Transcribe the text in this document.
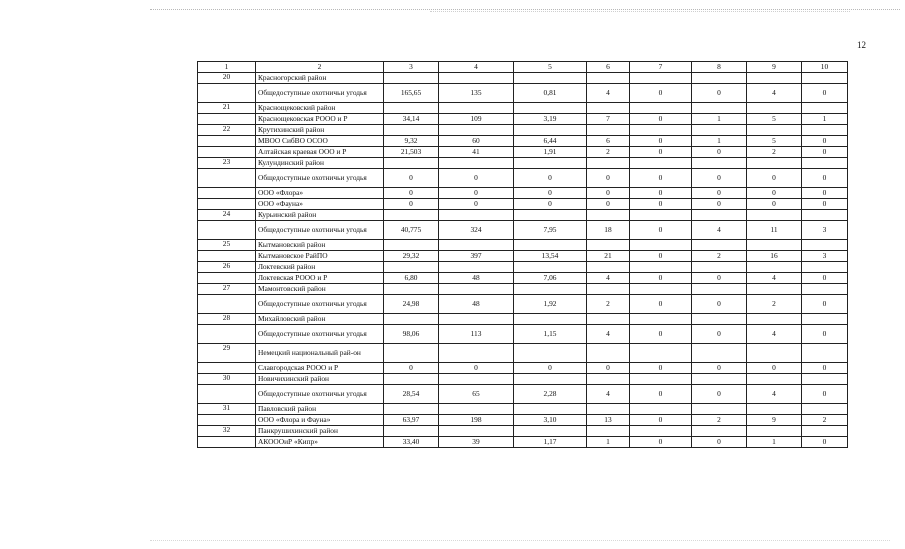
12
1	2	3	4	5	6	7	8	9	10
20	Красногорский район								
	Общедоступные охотничьи угодья	165,65	135	0,81	4	0	0	4	0
21	Краснощековский район								
	Краснощековская РООО и Р	34,14	109	3,19	7	0	1	5	1
22	Крутихинский район								
	МВОО СибВО ОСОО	9,32	60	6,44	6	0	1	5	0
	Алтайская краевая ООО и Р	21,503	41	1,91	2	0	0	2	0
23	Кулундинский район								
	Общедоступные охотничьи угодья	0	0	0	0	0	0	0	0
	ООО «Флора»	0	0	0	0	0	0	0	0
	ООО «Фауна»	0	0	0	0	0	0	0	0
24	Курьинский район								
	Общедоступные охотничьи угодья	40,775	324	7,95	18	0	4	11	3
25	Кытмановский район								
	Кытмановское РайПО	29,32	397	13,54	21	0	2	16	3
26	Локтевский район								
	Локтевская РООО и Р	6,80	48	7,06	4	0	0	4	0
27	Мамонтовский район								
	Общедоступные охотничьи угодья	24,98	48	1,92	2	0	0	2	0
28	Михайловский район								
	Общедоступные охотничьи угодья	98,06	113	1,15	4	0	0	4	0
29	Немецкий национальный рай-он								
	Славгородская РООО и Р	0	0	0	0	0	0	0	0
30	Новичихинский район								
	Общедоступные охотничьи угодья	28,54	65	2,28	4	0	0	4	0
31	Павловский район								
	ООО «Флора и Фауна»	63,97	198	3,10	13	0	2	9	2
32	Панкрушихинский район								
	АКОООиР «Кипр»	33,40	39	1,17	1	0	0	1	0
